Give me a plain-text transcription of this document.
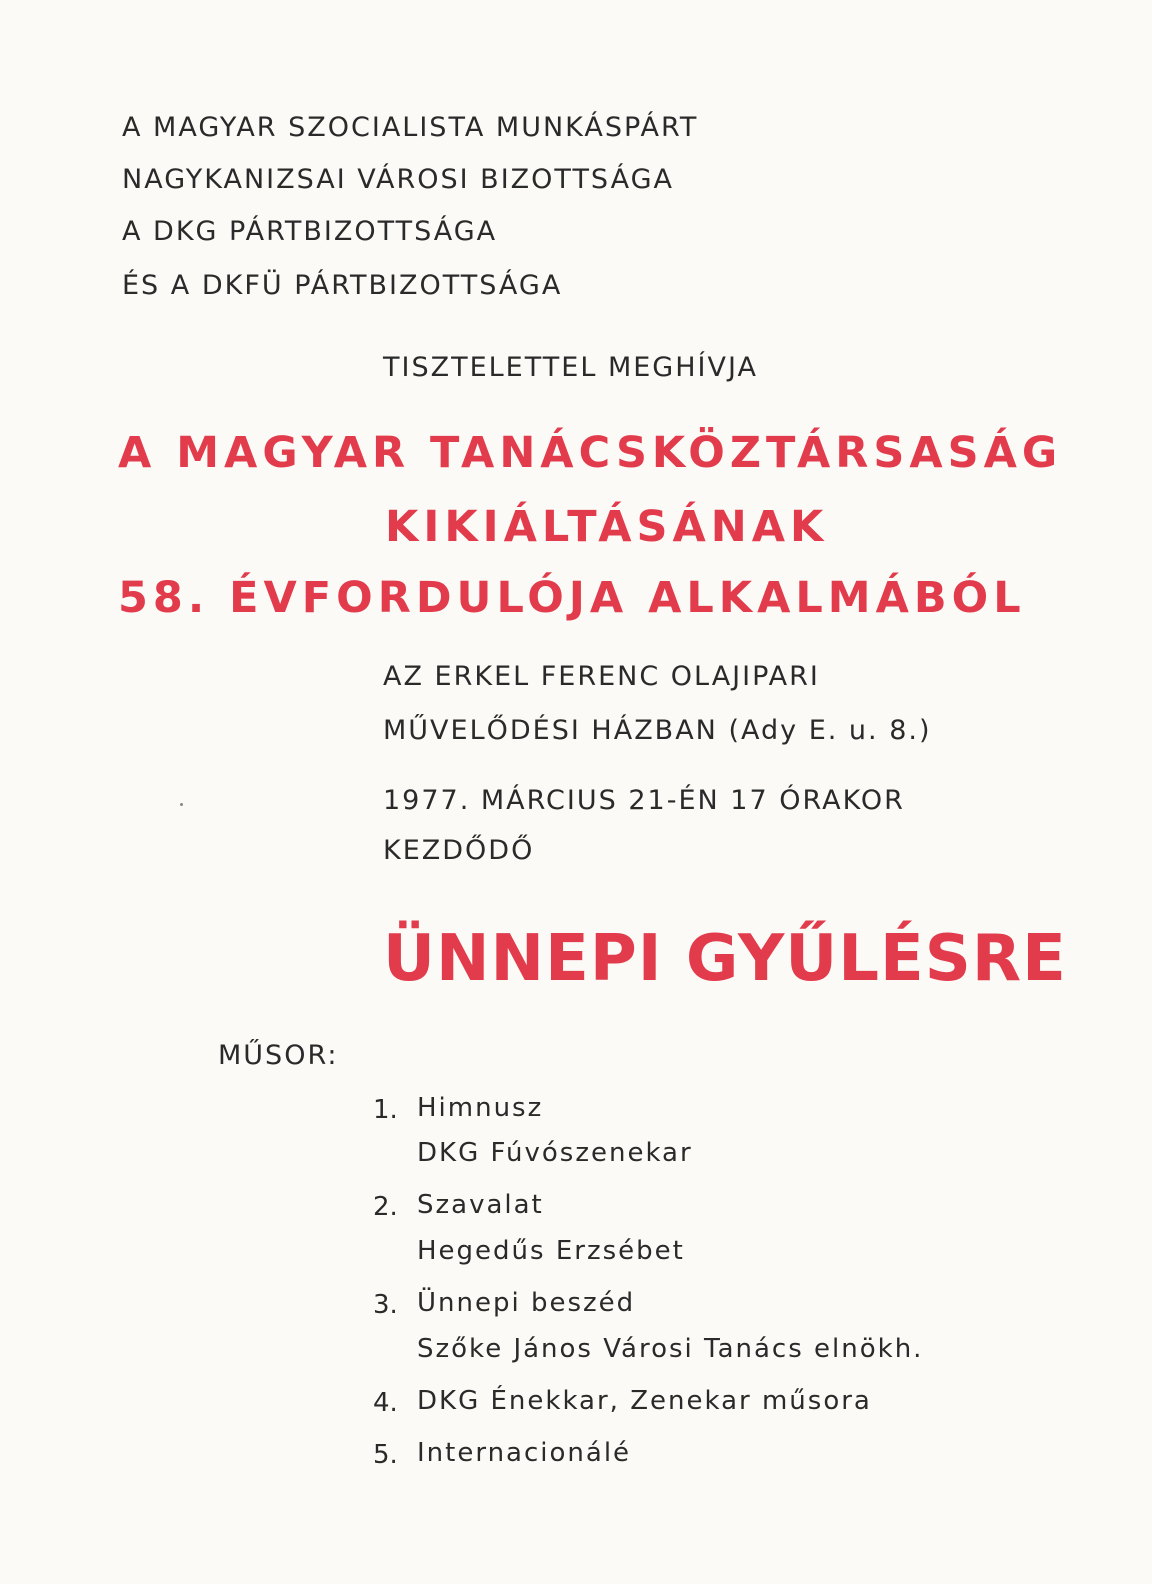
A MAGYAR SZOCIALISTA MUNKÁSPÁRT

NAGYKANIZSAI VÁROSI BIZOTTSÁGA

A DKG PÁRTBIZOTTSÁGA

ÉS A DKFÜ PÁRTBIZOTTSÁGA

TISZTELETTEL MEGHÍVJA

A MAGYAR TANÁCSKÖZTÁRSASÁG

KIKIÁLTÁSÁNAK

58. ÉVFORDULÓJA ALKALMÁBÓL

AZ ERKEL FERENC OLAJIPARI

MŰVELŐDÉSI HÁZBAN (Ady E. u. 8.)

1977. MÁRCIUS 21-ÉN 17 ÓRAKOR

KEZDŐDŐ

ÜNNEPI GYŰLÉSRE

MŰSOR:

1. Himnusz
DKG Fúvószenekar
2. Szavalat
Hegedűs Erzsébet
3. Ünnepi beszéd
Szőke János Városi Tanács elnökh.
4. DKG Énekkar, Zenekar műsora
5. Internacionálé
